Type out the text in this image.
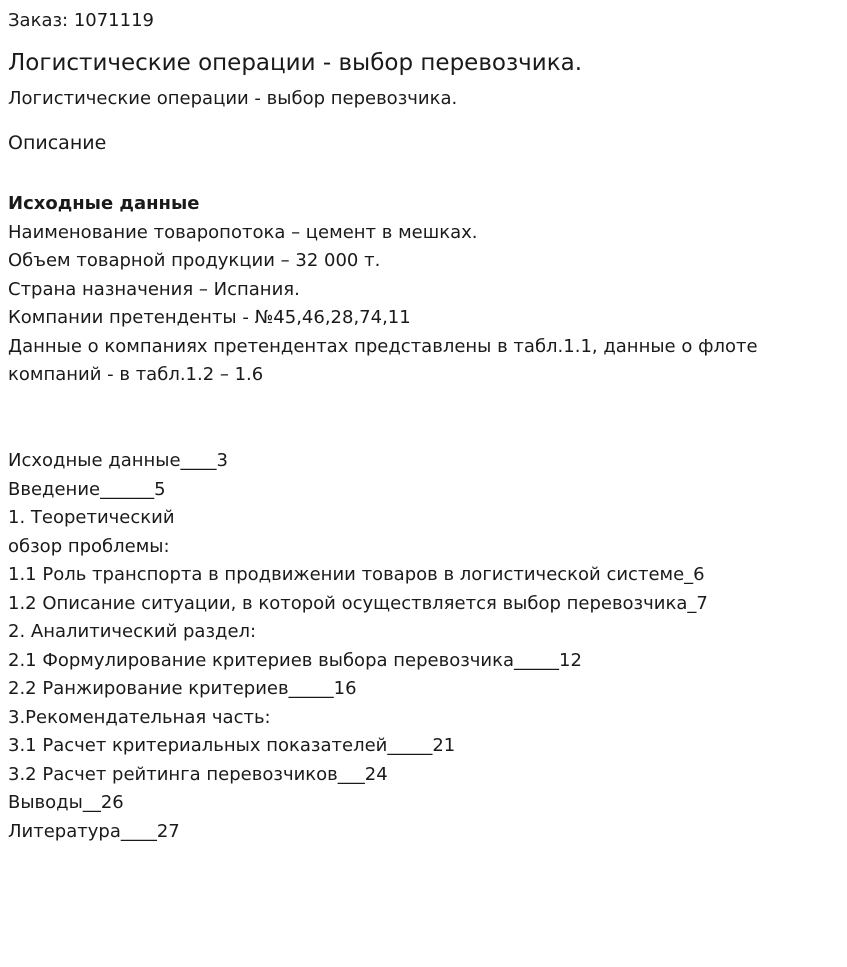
Заказ: 1071119
Логистические операции - выбор перевозчика.
Логистические операции - выбор перевозчика.
Описание
Исходные данные
Наименование товаропотока – цемент в мешках.
Объем товарной продукции – 32 000 т.
Страна назначения – Испания.
Компании претенденты - №45,46,28,74,11
Данные о компаниях претендентах представлены в табл.1.1, данные о флоте компаний - в табл.1.2 – 1.6
Исходные данные____3
Введение______5
1. Теоретический
обзор проблемы:
1.1 Роль транспорта в продвижении товаров в логистической системе_6
1.2 Описание ситуации, в которой осуществляется выбор перевозчика_7
2. Аналитический раздел:
2.1 Формулирование критериев выбора перевозчика_____12
2.2 Ранжирование критериев_____16
3.Рекомендательная часть:
3.1 Расчет критериальных показателей_____21
3.2 Расчет рейтинга перевозчиков___24
Выводы__26
Литература____27
